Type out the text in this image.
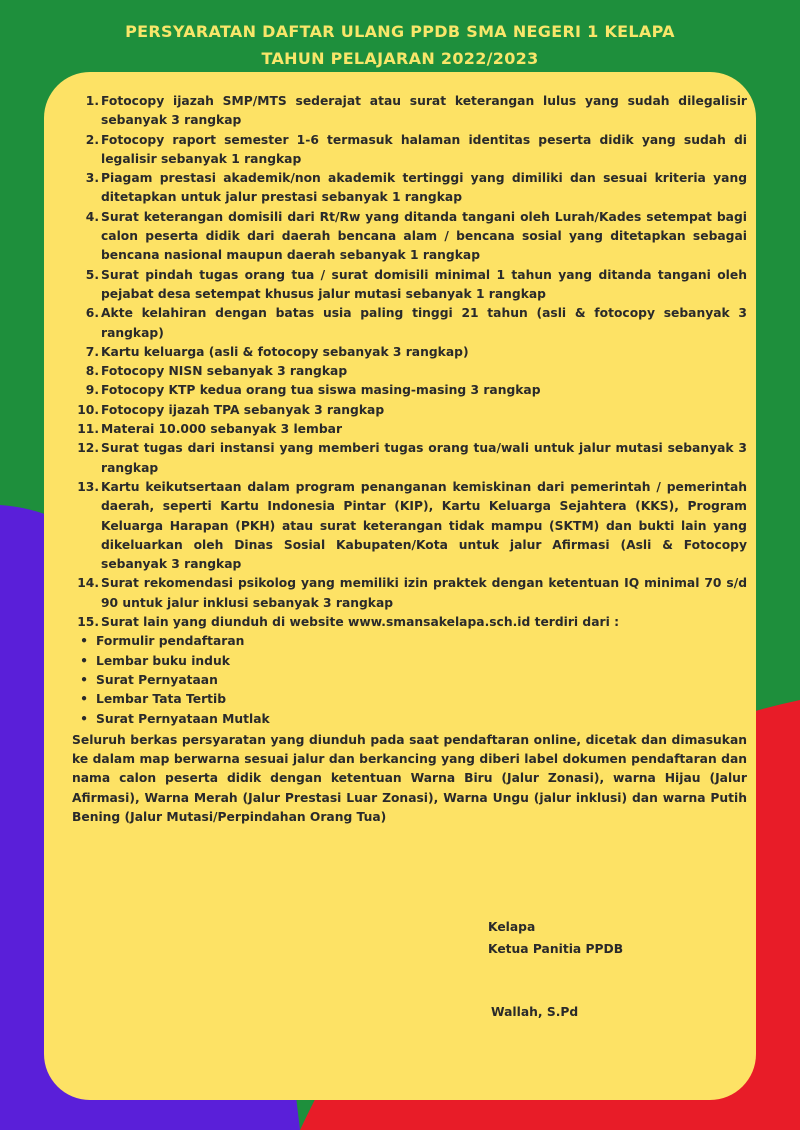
PERSYARATAN DAFTAR ULANG PPDB SMA NEGERI 1 KELAPA
TAHUN PELAJARAN 2022/2023
1. Fotocopy ijazah SMP/MTS sederajat atau surat keterangan lulus yang sudah dilegalisir sebanyak 3 rangkap
2. Fotocopy raport semester 1-6 termasuk halaman identitas peserta didik yang sudah di legalisir sebanyak 1 rangkap
3. Piagam prestasi akademik/non akademik tertinggi yang dimiliki dan sesuai kriteria yang ditetapkan untuk jalur prestasi sebanyak 1 rangkap
4. Surat keterangan domisili dari Rt/Rw yang ditanda tangani oleh Lurah/Kades setempat bagi calon peserta didik dari daerah bencana alam / bencana sosial yang ditetapkan sebagai bencana nasional maupun daerah sebanyak 1 rangkap
5. Surat pindah tugas orang tua / surat domisili minimal 1 tahun yang ditanda tangani oleh pejabat desa setempat khusus jalur mutasi sebanyak 1 rangkap
6. Akte kelahiran dengan batas usia paling tinggi 21 tahun (asli & fotocopy sebanyak 3 rangkap)
7. Kartu keluarga (asli & fotocopy sebanyak 3 rangkap)
8. Fotocopy NISN sebanyak 3 rangkap
9. Fotocopy KTP kedua orang tua siswa masing-masing 3 rangkap
10. Fotocopy ijazah TPA sebanyak 3 rangkap
11. Materai 10.000 sebanyak 3 lembar
12. Surat tugas dari instansi yang memberi tugas orang tua/wali untuk jalur mutasi sebanyak 3 rangkap
13. Kartu keikutsertaan dalam program penanganan kemiskinan dari pemerintah / pemerintah daerah, seperti Kartu Indonesia Pintar (KIP), Kartu Keluarga Sejahtera (KKS), Program Keluarga Harapan (PKH) atau surat keterangan tidak mampu (SKTM) dan bukti lain yang dikeluarkan oleh Dinas Sosial Kabupaten/Kota untuk jalur Afirmasi (Asli & Fotocopy sebanyak 3 rangkap
14. Surat rekomendasi psikolog yang memiliki izin praktek dengan ketentuan IQ minimal 70 s/d 90 untuk jalur inklusi sebanyak 3 rangkap
15. Surat lain yang diunduh di website www.smansakelapa.sch.id terdiri dari :
• Formulir pendaftaran
• Lembar buku induk
• Surat Pernyataan
• Lembar Tata Tertib
• Surat Pernyataan Mutlak
Seluruh berkas persyaratan yang diunduh pada saat pendaftaran online, dicetak dan dimasukan ke dalam map berwarna sesuai jalur dan berkancing yang diberi label dokumen pendaftaran dan nama calon peserta didik dengan ketentuan Warna Biru (Jalur Zonasi), warna Hijau (Jalur Afirmasi), Warna Merah (Jalur Prestasi Luar Zonasi), Warna Ungu (jalur inklusi) dan warna Putih Bening (Jalur Mutasi/Perpindahan Orang Tua)
Kelapa
Ketua Panitia PPDB
Wallah, S.Pd
